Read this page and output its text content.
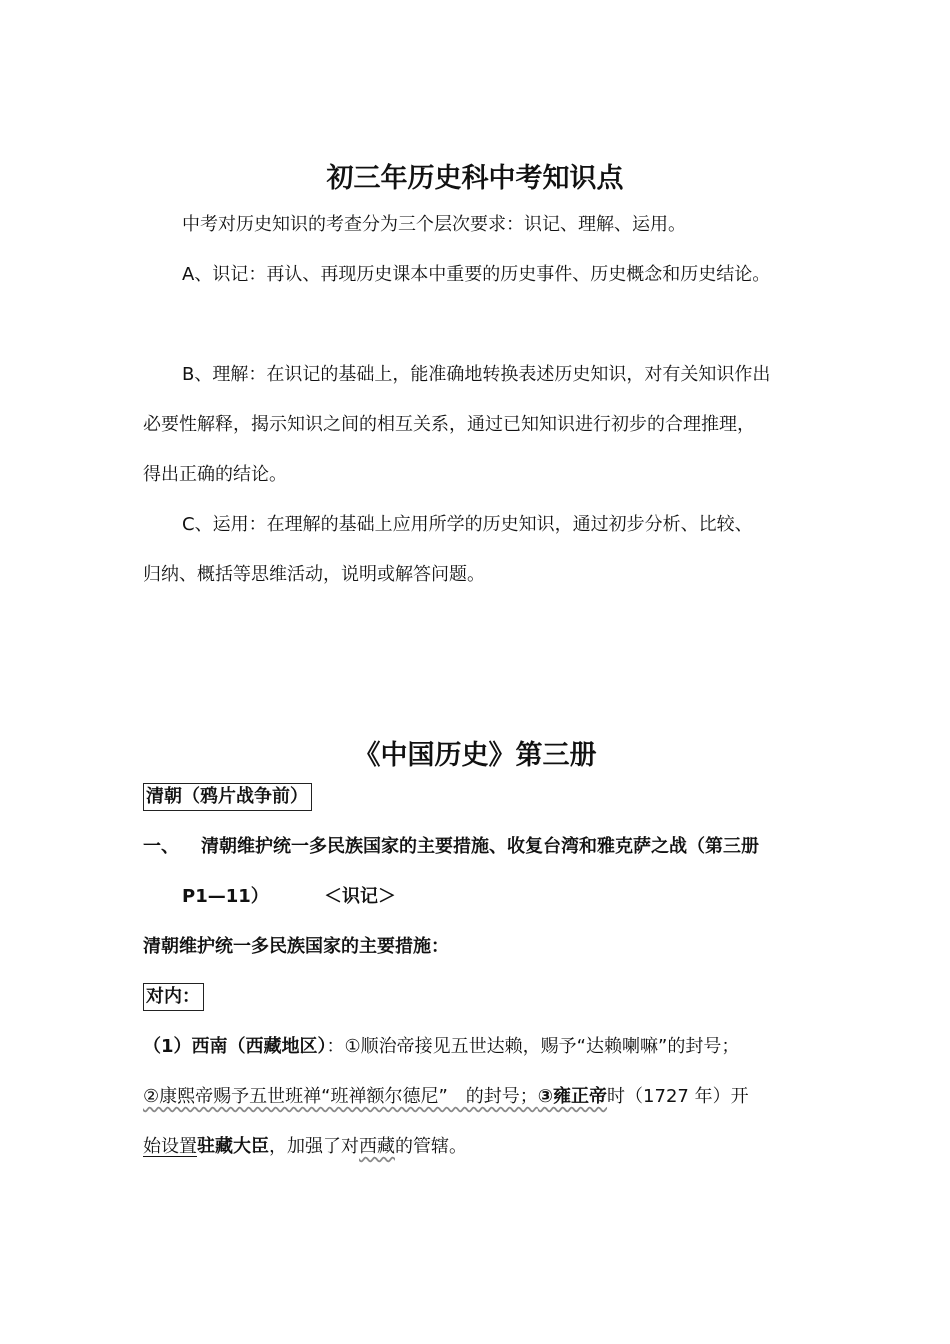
初三年历史科中考知识点
中考对历史知识的考查分为三个层次要求：识记、理解、运用。
A、识记：再认、再现历史课本中重要的历史事件、历史概念和历史结论。
B、理解：在识记的基础上，能准确地转换表述历史知识，对有关知识作出
必要性解释，揭示知识之间的相互关系，通过已知知识进行初步的合理推理，
得出正确的结论。
C、运用：在理解的基础上应用所学的历史知识，通过初步分析、比较、
归纳、概括等思维活动，说明或解答问题。
《中国历史》第三册
清朝（鸦片战争前）
一、 清朝维护统一多民族国家的主要措施、收复台湾和雅克萨之战（第三册
P1—11）	＜识记＞
清朝维护统一多民族国家的主要措施：
对内：
（1）西南（西藏地区）：①顺治帝接见五世达赖，赐予“达赖喇嘛”的封号；
②康熙帝赐予五世班禅“班禅额尔德尼”　的封号；③雍正帝时（1727 年）开
始设置驻藏大臣，加强了对西藏的管辖。
